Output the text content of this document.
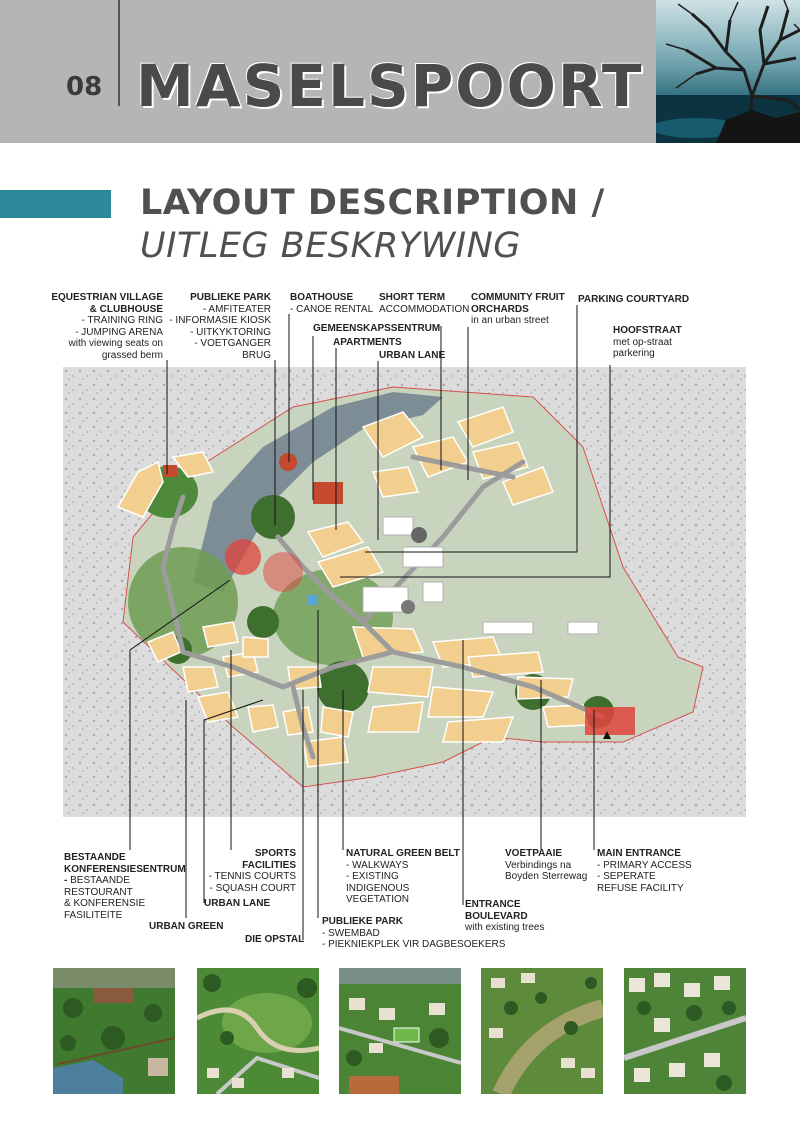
08 MASELSPOORT
LAYOUT DESCRIPTION /
UITLEG BESKRYWING
EQUESTRIAN VILLAGE
& CLUBHOUSE
- TRAINING RING
- JUMPING ARENA
with viewing seats on
grassed berm
PUBLIEKE PARK
- AMFITEATER
- INFORMASIE KIOSK
- UITKYKTORING
- VOETGANGER
BRUG
BOATHOUSE
- CANOE RENTAL
SHORT TERM
ACCOMMODATION
COMMUNITY FRUIT
ORCHARDS
in an urban street
PARKING COURTYARD
GEMEENSKAPSSENTRUM
APARTMENTS
URBAN LANE
HOOFSTRAAT
met op-straat
parkering
BESTAANDE
KONFERENSIESENTRUM
- BESTAANDE
RESTOURANT
& KONFERENSIE
FASILITEITE
URBAN GREEN
SPORTS
FACILITIES
- TENNIS COURTS
- SQUASH COURT
URBAN LANE
DIE OPSTAL
NATURAL GREEN BELT
- WALKWAYS
- EXISTING
INDIGENOUS
VEGETATION
PUBLIEKE PARK
- SWEMBAD
- PIEKNIEKPLEK VIR DAGBESOEKERS
ENTRANCE
BOULEVARD
with existing trees
VOETPAAIE
Verbindings na
Boyden Sterrewag
MAIN ENTRANCE
- PRIMARY ACCESS
- SEPERATE
REFUSE FACILITY
